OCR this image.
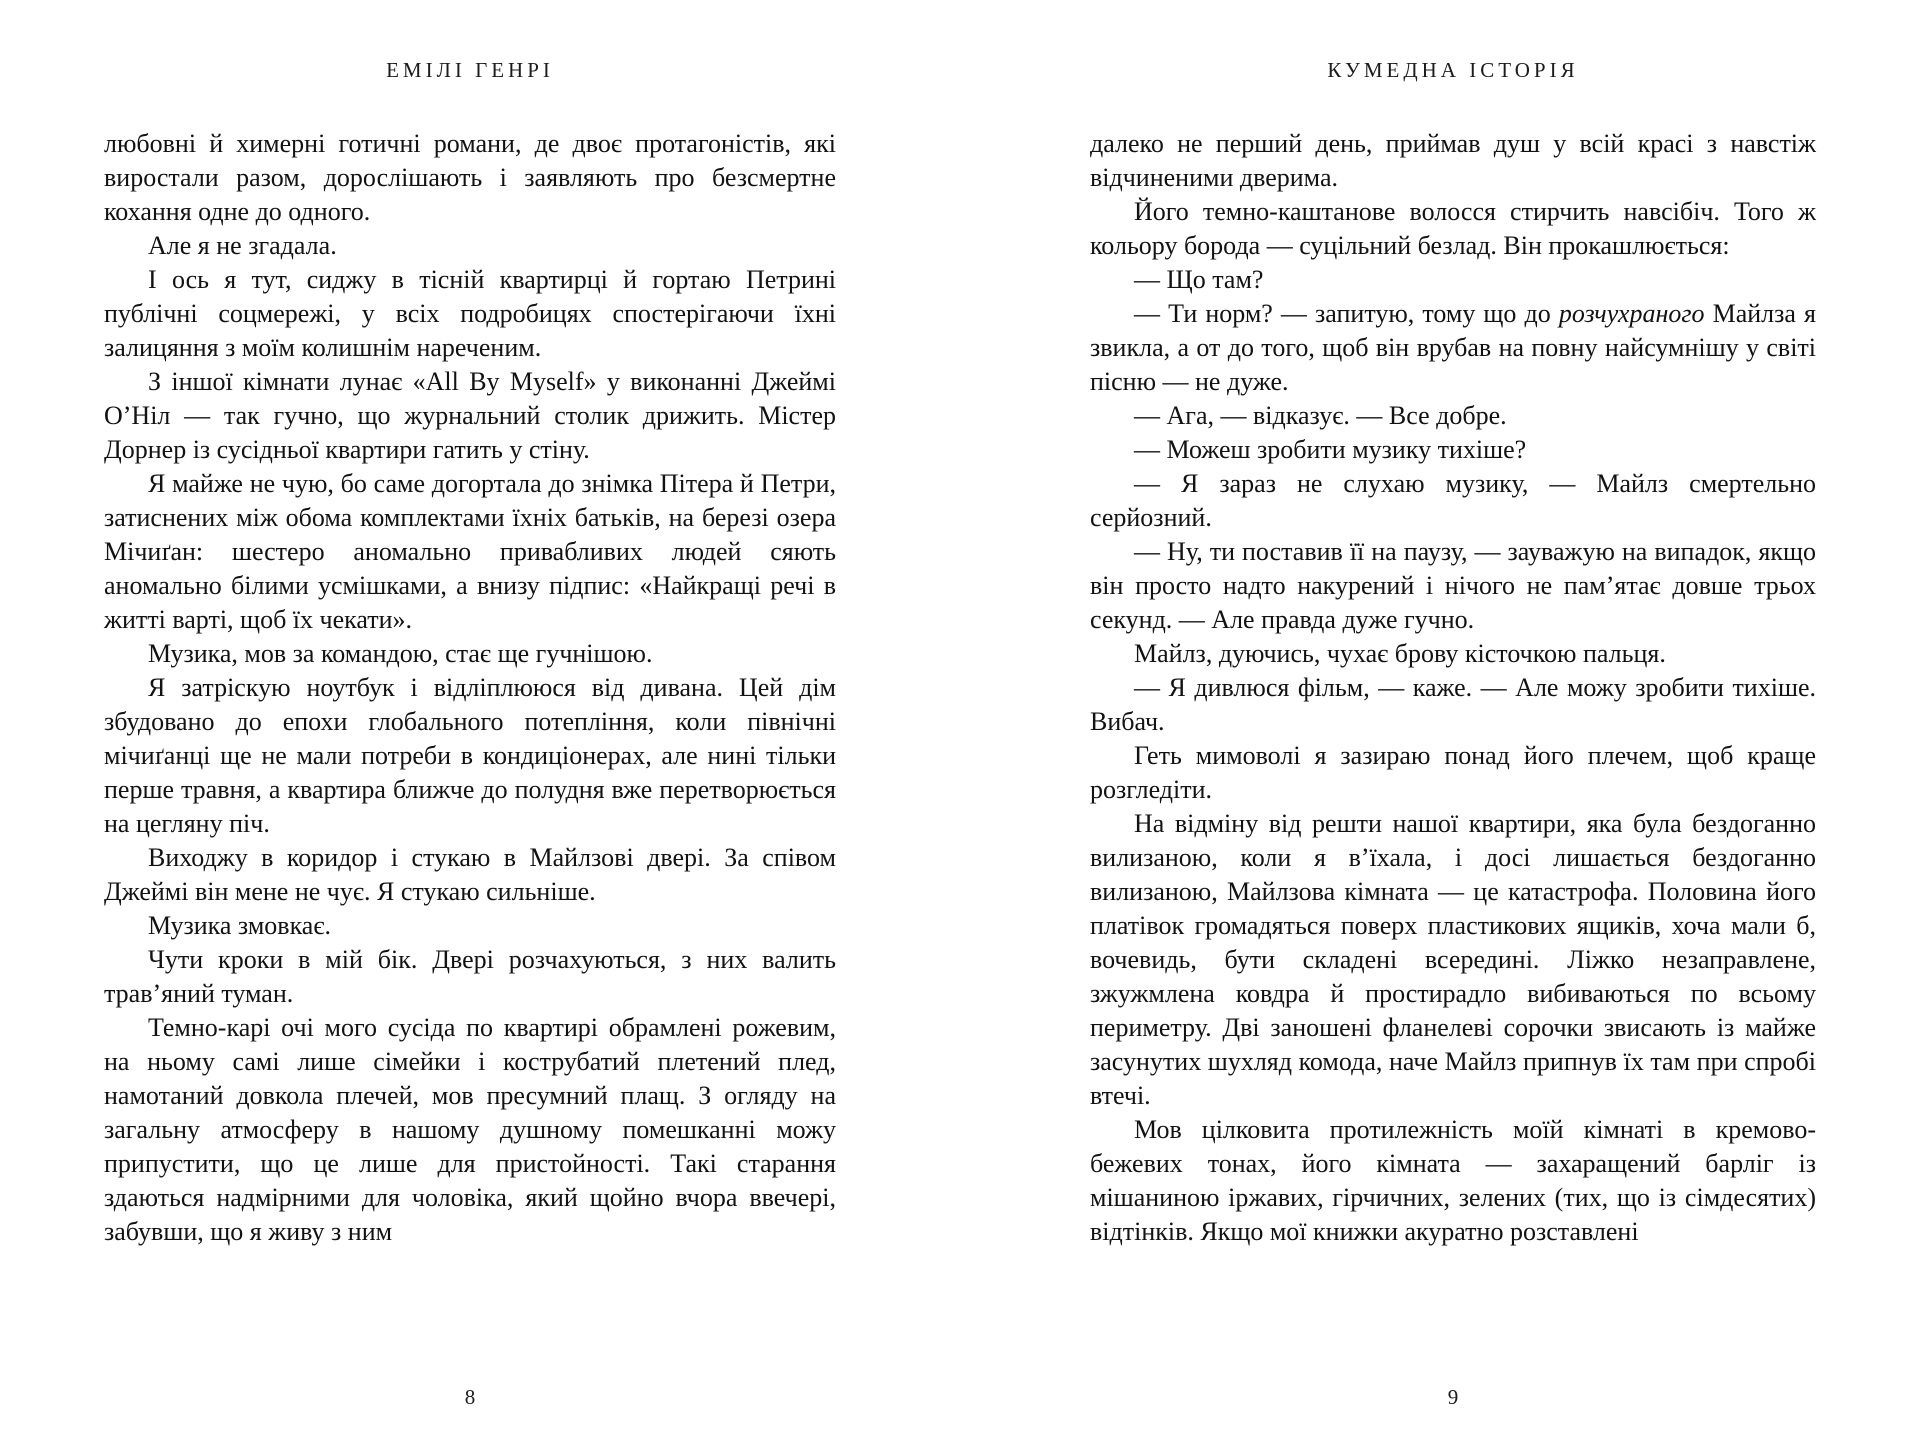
ЕМІЛІ ГЕНРІ

любовні й химерні готичні романи, де двоє протагоністів, які виростали разом, дорослішають і заявляють про безсмертне кохання одне до одного.

Але я не згадала.

І ось я тут, сиджу в тісній квартирці й гортаю Петрині публічні соцмережі, у всіх подробицях спостерігаючи їхні залицяння з моїм колишнім нареченим.

З іншої кімнати лунає «All By Myself» у виконанні Джеймі О’Ніл — так гучно, що журнальний столик дрижить. Містер Дорнер із сусідньої квартири гатить у стіну.

Я майже не чую, бо саме догортала до знімка Пітера й Петри, затиснених між обома комплектами їхніх батьків, на березі озера Мічиґан: шестеро аномально привабливих людей сяють аномально білими усмішками, а внизу підпис: «Найкращі речі в житті варті, щоб їх чекати».

Музика, мов за командою, стає ще гучнішою.

Я затріскую ноутбук і відліплююся від дивана. Цей дім збудовано до епохи глобального потепління, коли північні мічиґанці ще не мали потреби в кондиціонерах, але нині тільки перше травня, а квартира ближче до полудня вже перетворюється на цегляну піч.

Виходжу в коридор і стукаю в Майлзові двері. За співом Джеймі він мене не чує. Я стукаю сильніше.

Музика змовкає.

Чути кроки в мій бік. Двері розчахуються, з них валить трав’яний туман.

Темно-карі очі мого сусіда по квартирі обрамлені рожевим, на ньому самі лише сімейки і кострубатий плетений плед, намотаний довкола плечей, мов пресумний плащ. З огляду на загальну атмосферу в нашому душному помешканні можу припустити, що це лише для пристойності. Такі старання здаються надмірними для чоловіка, який щойно вчора ввечері, забувши, що я живу з ним

8
КУМЕДНА ІСТОРІЯ

далеко не перший день, приймав душ у всій красі з навстіж відчиненими дверима.

Його темно-каштанове волосся стирчить навсібіч. Того ж кольору борода — суцільний безлад. Він прокашлюється:

— Що там?

— Ти норм? — запитую, тому що до розчухраного Майлза я звикла, а от до того, щоб він врубав на повну найсумнішу у світі пісню — не дуже.

— Ага, — відказує. — Все добре.

— Можеш зробити музику тихіше?

— Я зараз не слухаю музику, — Майлз смертельно серйозний.

— Ну, ти поставив її на паузу, — зауважую на випадок, якщо він просто надто накурений і нічого не пам’ятає довше трьох секунд. — Але правда дуже гучно.

Майлз, дуючись, чухає брову кісточкою пальця.

— Я дивлюся фільм, — каже. — Але можу зробити тихіше. Вибач.

Геть мимоволі я зазираю понад його плечем, щоб краще розгледіти.

На відміну від решти нашої квартири, яка була бездоганно вилизаною, коли я в’їхала, і досі лишається бездоганно вилизаною, Майлзова кімната — це катастрофа. Половина його платівок громадяться поверх пластикових ящиків, хоча мали б, вочевидь, бути складені всередині. Ліжко незаправлене, зжужмлена ковдра й простирадло вибиваються по всьому периметру. Дві заношені фланелеві сорочки звисають із майже засунутих шухляд комода, наче Майлз припнув їх там при спробі втечі.

Мов цілковита протилежність моїй кімнаті в кремово-бежевих тонах, його кімната — захаращений барліг із мішаниною іржавих, гірчичних, зелених (тих, що із сімдесятих) відтінків. Якщо мої книжки акуратно розставлені

9
